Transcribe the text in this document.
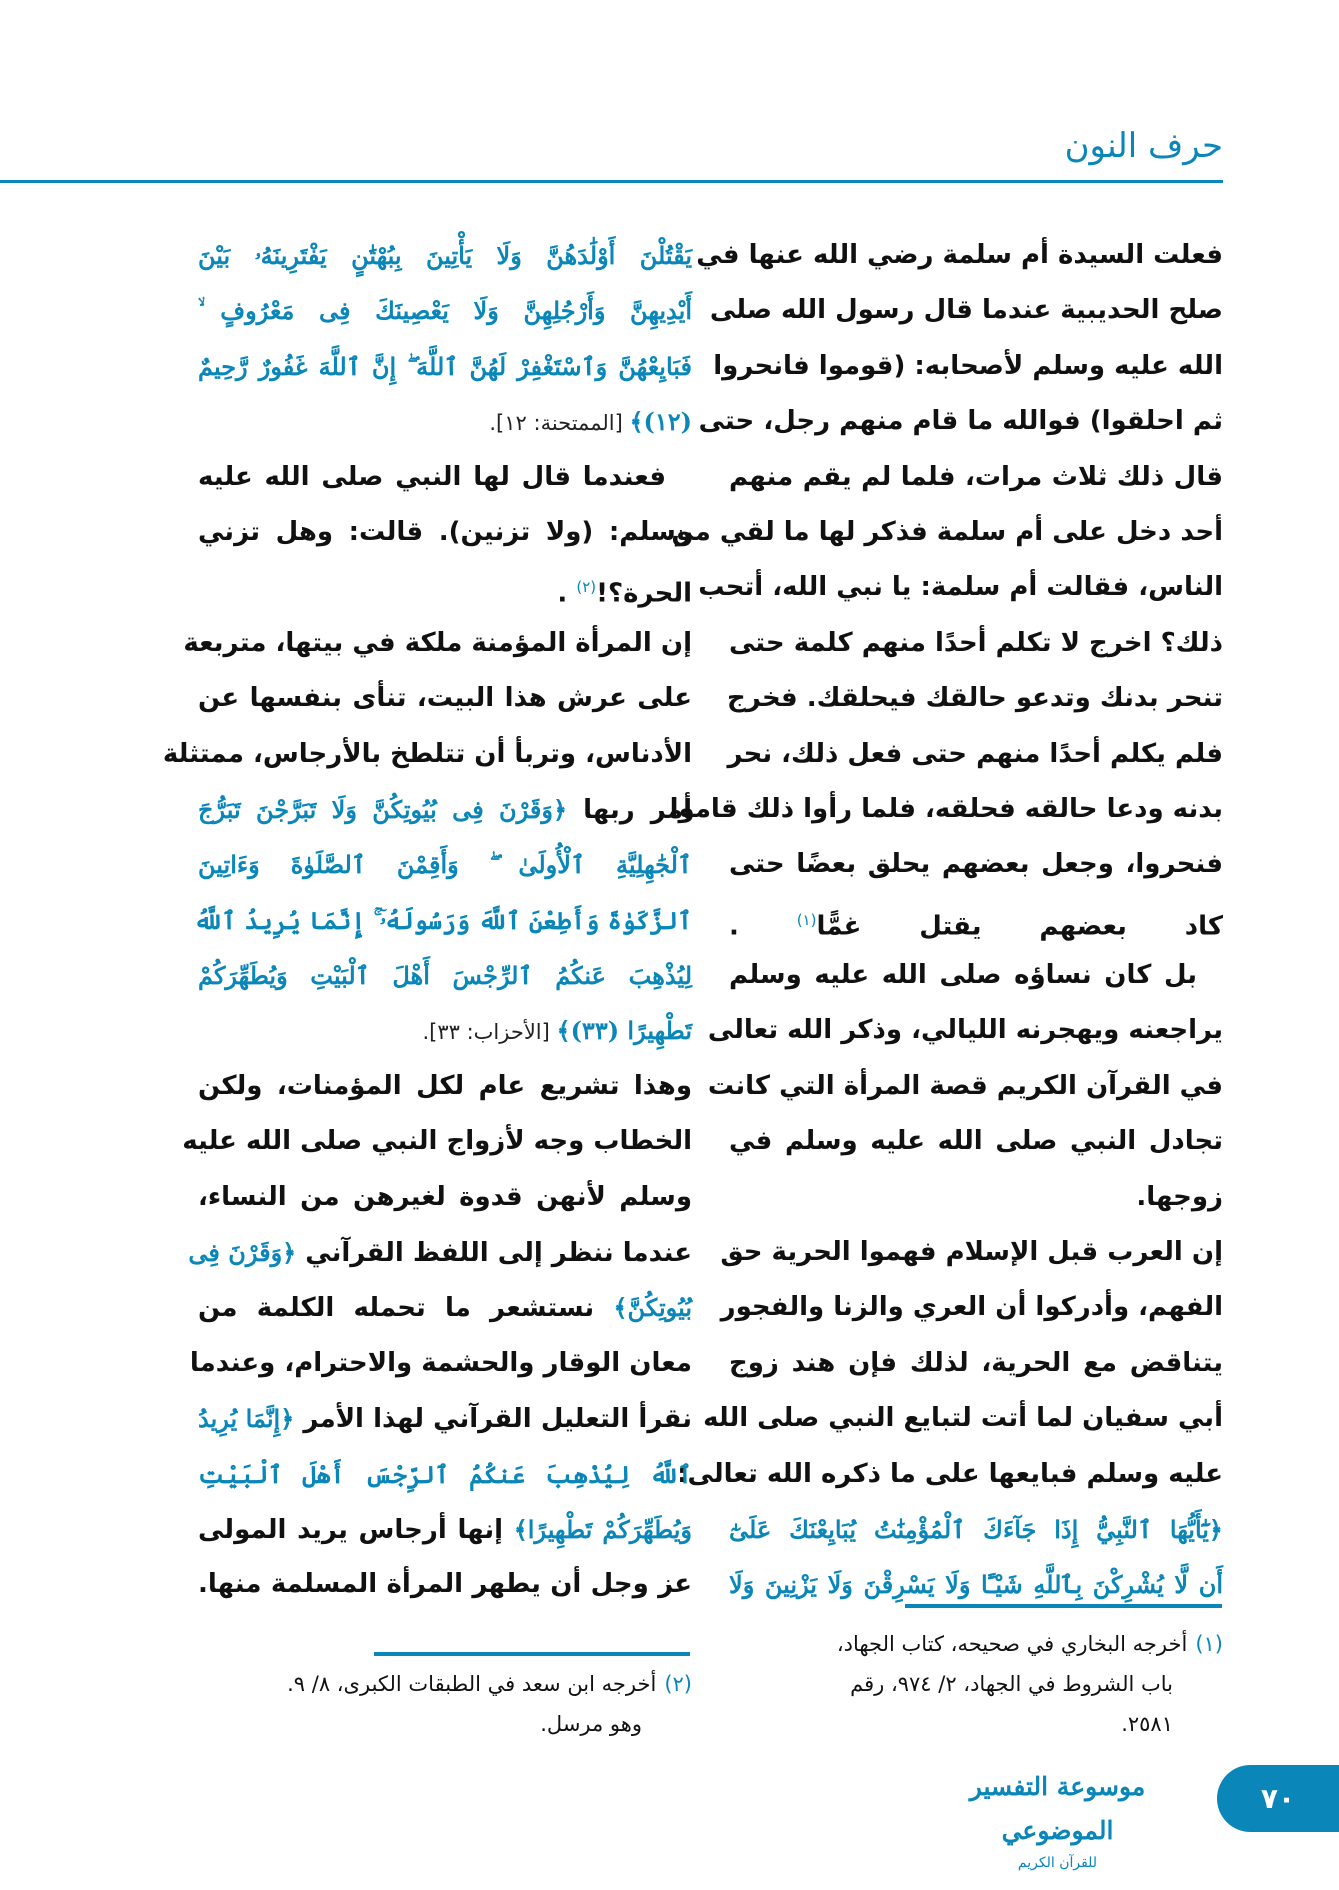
حرف النون
فعلت السيدة أم سلمة رضي الله عنها في
صلح الحديبية عندما قال رسول الله صلى
الله عليه وسلم لأصحابه: (قوموا فانحروا
ثم احلقوا) فوالله ما قام منهم رجل، حتى
قال ذلك ثلاث مرات، فلما لم يقم منهم
أحد دخل على أم سلمة فذكر لها ما لقي من
الناس، فقالت أم سلمة: يا نبي الله، أتحب
ذلك؟ اخرج لا تكلم أحدًا منهم كلمة حتى
تنحر بدنك وتدعو حالقك فيحلقك. فخرج
فلم يكلم أحدًا منهم حتى فعل ذلك، نحر
بدنه ودعا حالقه فحلقه، فلما رأوا ذلك قاموا
فنحروا، وجعل بعضهم يحلق بعضًا حتى
كاد بعضهم يقتل غمًّا$^{(١)}$ .
بل كان نساؤه صلى الله عليه وسلم
يراجعنه ويهجرنه الليالي، وذكر الله تعالى
في القرآن الكريم قصة المرأة التي كانت
تجادل النبي صلى الله عليه وسلم في
زوجها.
إن العرب قبل الإسلام فهموا الحرية حق
الفهم، وأدركوا أن العري والزنا والفجور
يتناقض مع الحرية، لذلك فإن هند زوج
أبي سفيان لما أتت لتبايع النبي صلى الله
عليه وسلم فبايعها على ما ذكره الله تعالى:
﴿يَٰٓأَيُّهَا ٱلنَّبِيُّ إِذَا جَآءَكَ ٱلْمُؤْمِنَٰتُ يُبَايِعْنَكَ عَلَىٰٓ
أَن لَّا يُشْرِكْنَ بِٱللَّهِ شَيْـًٔا وَلَا يَسْرِقْنَ وَلَا يَزْنِينَ وَلَا
يَقْتُلْنَ أَوْلَٰدَهُنَّ وَلَا يَأْتِينَ بِبُهْتَٰنٍ يَفْتَرِينَهُۥ بَيْنَ
أَيْدِيهِنَّ وَأَرْجُلِهِنَّ وَلَا يَعْصِينَكَ فِى مَعْرُوفٍ ۙ
فَبَايِعْهُنَّ وَٱسْتَغْفِرْ لَهُنَّ ٱللَّهَ ۖ إِنَّ ٱللَّهَ غَفُورٌ رَّحِيمٌ
(١٢)﴾ [الممتحنة: ١٢].
فعندما قال لها النبي صلى الله عليه
وسلم: (ولا تزنين). قالت: وهل تزني
الحرة؟!$^{(٢)}$ .
إن المرأة المؤمنة ملكة في بيتها، متربعة
على عرش هذا البيت، تنأى بنفسها عن
الأدناس، وتربأ أن تتلطخ بالأرجاس، ممتثلة
أمر ربها ﴿وَقَرْنَ فِى بُيُوتِكُنَّ وَلَا تَبَرَّجْنَ تَبَرُّجَ
ٱلْجَٰهِلِيَّةِ ٱلْأُولَىٰ ۖ وَأَقِمْنَ ٱلصَّلَوٰةَ وَءَاتِينَ
ٱلزَّكَوٰةَ وَأَطِعْنَ ٱللَّهَ وَرَسُولَهُۥٓ ۚ إِنَّمَا يُرِيدُ ٱللَّهُ
لِيُذْهِبَ عَنكُمُ ٱلرِّجْسَ أَهْلَ ٱلْبَيْتِ وَيُطَهِّرَكُمْ
تَطْهِيرًا (٣٣)﴾ [الأحزاب: ٣٣].
وهذا تشريع عام لكل المؤمنات، ولكن
الخطاب وجه لأزواج النبي صلى الله عليه
وسلم لأنهن قدوة لغيرهن من النساء،
عندما ننظر إلى اللفظ القرآني ﴿وَقَرْنَ فِى
بُيُوتِكُنَّ﴾ نستشعر ما تحمله الكلمة من
معان الوقار والحشمة والاحترام، وعندما
نقرأ التعليل القرآني لهذا الأمر ﴿إِنَّمَا يُرِيدُ
ٱللَّهُ لِيُذْهِبَ عَنكُمُ ٱلرِّجْسَ أَهْلَ ٱلْبَيْتِ
وَيُطَهِّرَكُمْ تَطْهِيرًا﴾ إنها أرجاس يريد المولى
عز وجل أن يطهر المرأة المسلمة منها.
(١)أخرجه البخاري في صحيحه، كتاب الجهاد،
باب الشروط في الجهاد، ٢/ ٩٧٤، رقم
٢٥٨١.
(٢)أخرجه ابن سعد في الطبقات الكبرى، ٨/ ٩.
وهو مرسل.
موسوعة التفسير الموضوعي
للقرآن الكريم
٧٠
